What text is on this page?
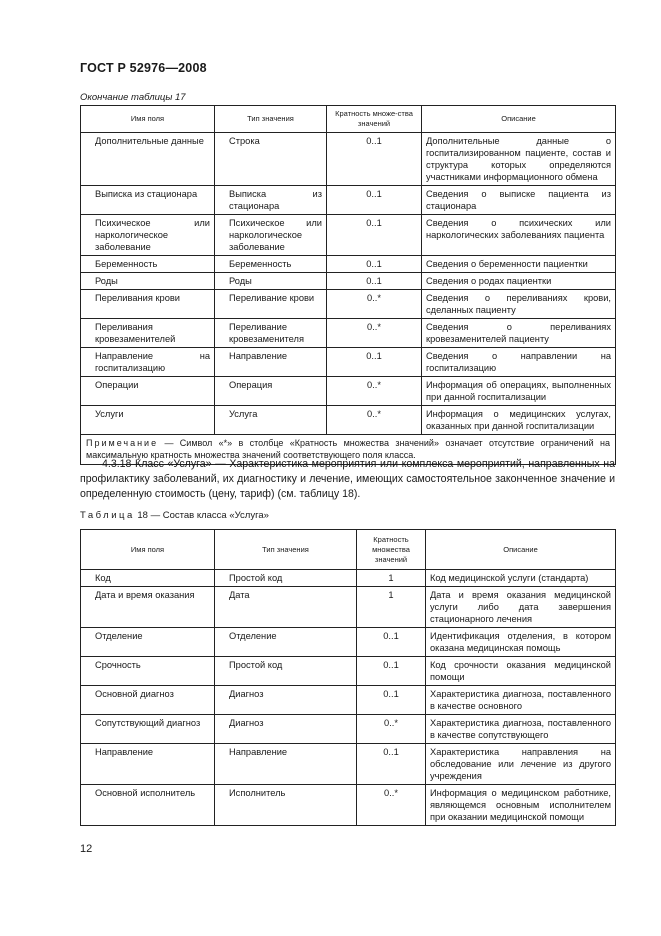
ГОСТ Р 52976—2008
Окончание таблицы 17
Имя поля	Тип значения	Кратность множе-ства значений	Описание
Дополнительные данные	Строка	0..1	Дополнительные данные о госпитализированном пациенте, состав и структура которых определяются участниками информационного обмена
Выписка из стационара	Выписка из стационара	0..1	Сведения о выписке пациента из стационара
Психическое или наркологическое заболевание	Психическое или наркологическое заболевание	0..1	Сведения о психических или наркологических заболеваниях пациента
Беременность	Беременность	0..1	Сведения о беременности пациентки
Роды	Роды	0..1	Сведения о родах пациентки
Переливания крови	Переливание крови	0..*	Сведения о переливаниях крови, сделанных пациенту
Переливания кровезаменителей	Переливание кровезаменителя	0..*	Сведения о переливаниях кровезаменителей пациенту
Направление на госпитализацию	Направление	0..1	Сведения о направлении на госпитализацию
Операции	Операция	0..*	Информация об операциях, выполненных при данной госпитализации
Услуги	Услуга	0..*	Информация о медицинских услугах, оказанных при данной госпитализации
Примечание — Символ «*» в столбце «Кратность множества значений» означает отсутствие ограничений на максимальную кратность множества значений соответствующего поля класса.			
4.3.18 Класс «Услуга» — Характеристика мероприятия или комплекса мероприятий, направленных на профилактику заболеваний, их диагностику и лечение, имеющих самостоятельное законченное значение и определенную стоимость (цену, тариф) (см. таблицу 18).
Таблица 18 — Состав класса «Услуга»
Имя поля	Тип значения	Кратность множества значений	Описание
Код	Простой код	1	Код медицинской услуги (стандарта)
Дата и время оказания	Дата	1	Дата и время оказания медицинской услуги либо дата завершения стационарного лечения
Отделение	Отделение	0..1	Идентификация отделения, в котором оказана медицинская помощь
Срочность	Простой код	0..1	Код срочности оказания медицинской помощи
Основной диагноз	Диагноз	0..1	Характеристика диагноза, поставленного в качестве основного
Сопутствующий диагноз	Диагноз	0..*	Характеристика диагноза, поставленного в качестве сопутствующего
Направление	Направление	0..1	Характеристика направления на обследование или лечение из другого учреждения
Основной исполнитель	Исполнитель	0..*	Информация о медицинском работнике, являющемся основным исполнителем при оказании медицинской помощи
12
